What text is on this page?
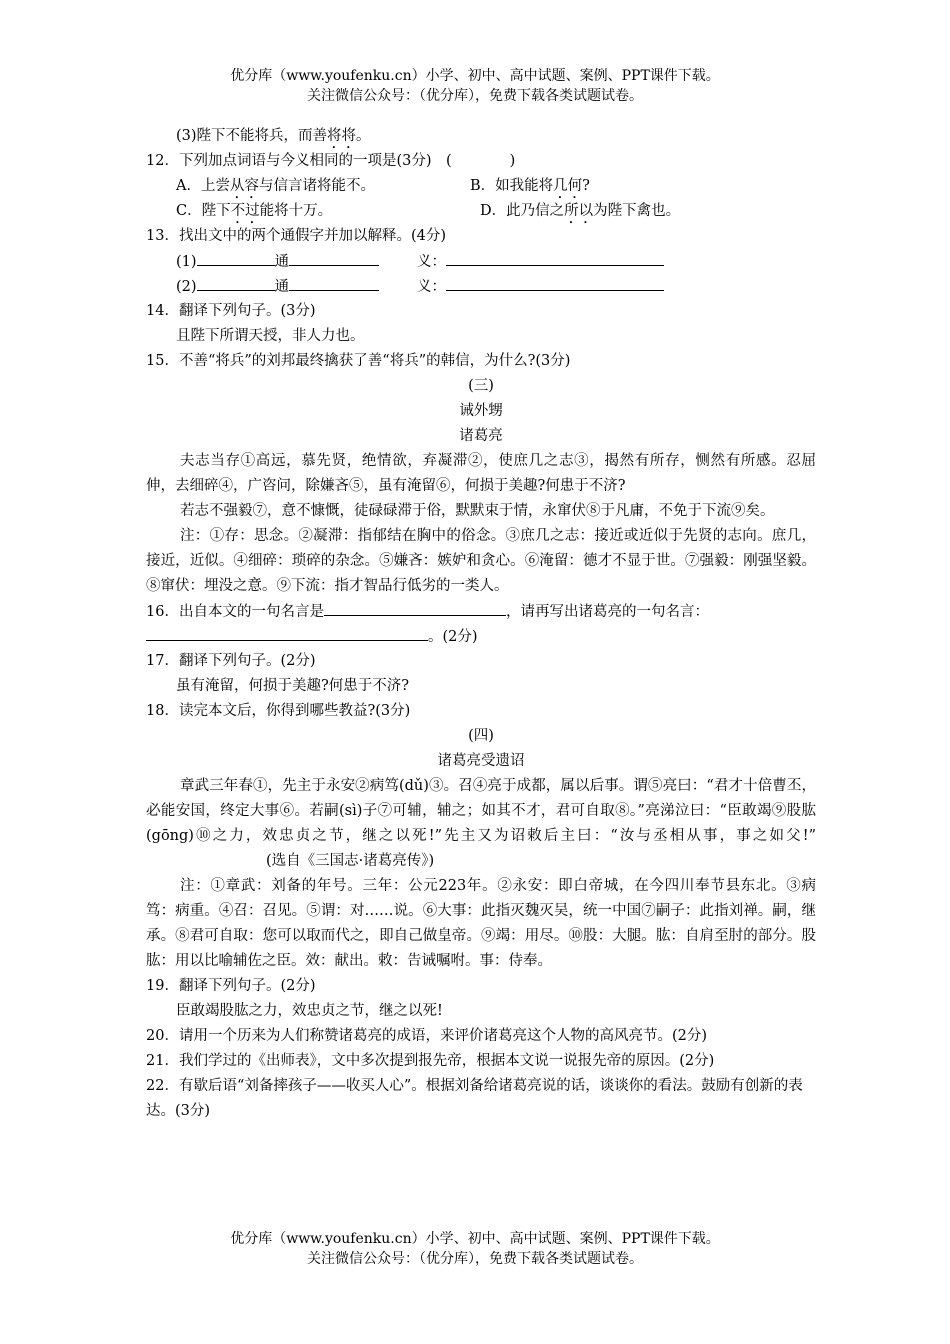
优分库（www.youfenku.cn）小学、初中、高中试题、案例、PPT课件下载。
关注微信公众号：（优分库），免费下载各类试题试卷。
(3)陛下不能将兵，而善将将。
12．下列加点词语与今义相同的一项是(3分)　(　　　　)
A．上尝从容与信言诸将能不。	B．如我能将几何?
C．陛下不过能将十万。	D．此乃信之所以为陛下禽也。
13．找出文中的两个通假字并加以解释。(4分)
(1)	通	义：
(2)	通	义：
14．翻译下列句子。(3分)
且陛下所谓天授，非人力也。
15．不善“将兵”的刘邦最终擒获了善“将兵”的韩信，为什么?(3分)
(三)
诫外甥
诸葛亮
夫志当存①高远，慕先贤，绝情欲，弃凝滞②，使庶几之志③，揭然有所存，恻然有所感。忍屈伸，去细碎④，广咨问，除嫌吝⑤，虽有淹留⑥，何损于美趣?何患于不济?
若志不强毅⑦，意不慷慨，徒碌碌滞于俗，默默束于情，永窜伏⑧于凡庸，不免于下流⑨矣。
注：①存：思念。②凝滞：指郁结在胸中的俗念。③庶几之志：接近或近似于先贤的志向。庶几，接近，近似。④细碎：琐碎的杂念。⑤嫌吝：嫉妒和贪心。⑥淹留：德才不显于世。⑦强毅：刚强坚毅。⑧窜伏：埋没之意。⑨下流：指才智品行低劣的一类人。
16．出自本文的一句名言是	，请再写出诸葛亮的一句名言：
。(2分)
17．翻译下列句子。(2分)
虽有淹留，何损于美趣?何患于不济?
18．读完本文后，你得到哪些教益?(3分)
(四)
诸葛亮受遗诏
章武三年春①，先主于永安②病笃(dǔ)③。召④亮于成都，属以后事。谓⑤亮曰：“君才十倍曹丕，必能安国，终定大事⑥。若嗣(sì)子⑦可辅，辅之；如其不才，君可自取⑧。”亮涕泣曰：“臣敢竭⑨股肱(gōng)⑩之力，效忠贞之节，继之以死!”先主又为诏敕后主曰：“汝与丞相从事，事之如父!”(选自《三国志·诸葛亮传》)
注：①章武：刘备的年号。三年：公元223年。②永安：即白帝城，在今四川奉节县东北。③病笃：病重。④召：召见。⑤谓：对……说。⑥大事：此指灭魏灭吴，统一中国⑦嗣子：此指刘禅。嗣，继承。⑧君可自取：您可以取而代之，即自己做皇帝。⑨竭：用尽。⑩股：大腿。肱：自肩至肘的部分。股肱：用以比喻辅佐之臣。效：献出。敕：告诫嘱咐。事：侍奉。
19．翻译下列句子。(2分)
臣敢竭股肱之力，效忠贞之节，继之以死!
20．请用一个历来为人们称赞诸葛亮的成语，来评价诸葛亮这个人物的高风亮节。(2分)
21．我们学过的《出师表》，文中多次提到报先帝，根据本文说一说报先帝的原因。(2分)
22．有歇后语“刘备摔孩子——收买人心”。根据刘备给诸葛亮说的话，谈谈你的看法。鼓励有创新的表达。(3分)
优分库（www.youfenku.cn）小学、初中、高中试题、案例、PPT课件下载。
关注微信公众号：（优分库），免费下载各类试题试卷。
